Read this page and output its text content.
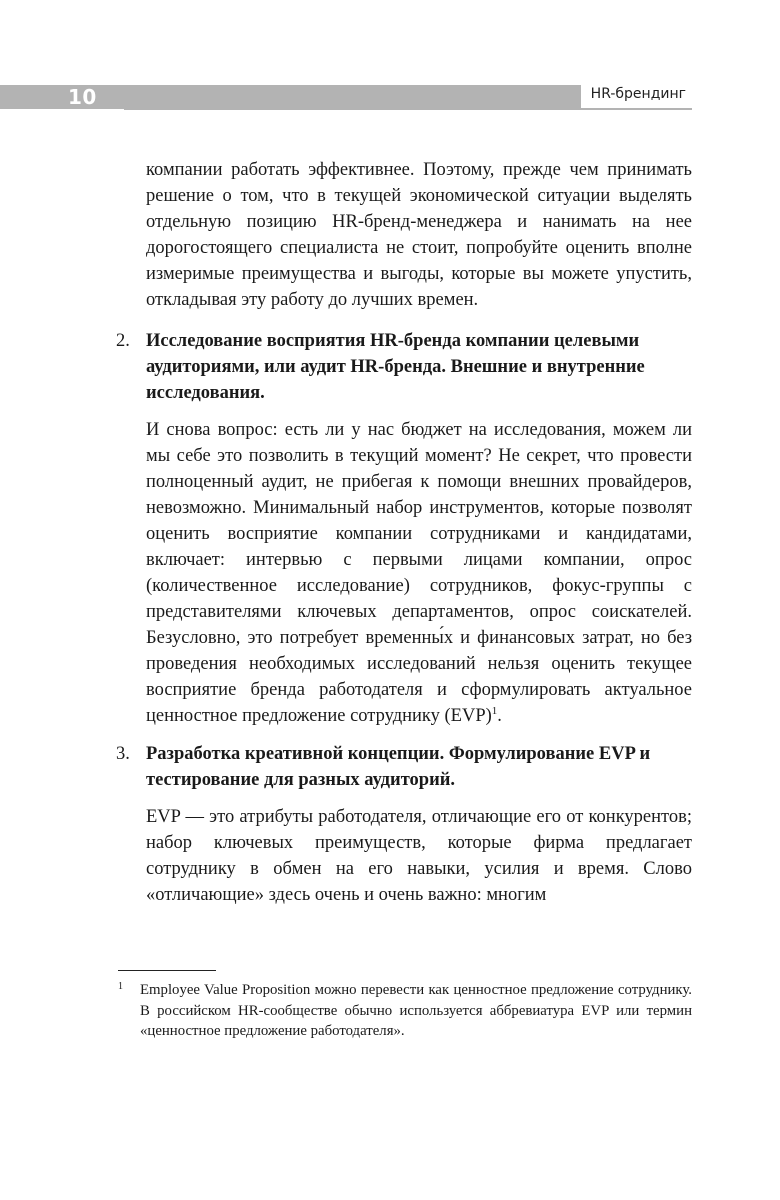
10	HR-брендинг

компании работать эффективнее. Поэтому, прежде чем принимать решение о том, что в текущей экономической ситуации выделять отдельную позицию HR-бренд-менеджера и нанимать на нее дорогостоящего специалиста не стоит, попробуйте оценить вполне измеримые преимущества и выгоды, которые вы можете упустить, откладывая эту работу до лучших времен.

2. Исследование восприятия HR-бренда компании целевыми аудиториями, или аудит HR-бренда. Внешние и внутренние исследования.

И снова вопрос: есть ли у нас бюджет на исследования, можем ли мы себе это позволить в текущий момент? Не секрет, что провести полноценный аудит, не прибегая к помощи внешних провайдеров, невозможно. Минимальный набор инструментов, которые позволят оценить восприятие компании сотрудниками и кандидатами, включает: интервью с первыми лицами компании, опрос (количественное исследование) сотрудников, фокус-группы с представителями ключевых департаментов, опрос соискателей. Безусловно, это потребует временны́х и финансовых затрат, но без проведения необходимых исследований нельзя оценить текущее восприятие бренда работодателя и сформулировать актуальное ценностное предложение сотруднику (EVP)$^1$.

3. Разработка креативной концепции. Формулирование EVP и тестирование для разных аудиторий.

EVP — это атрибуты работодателя, отличающие его от конкурентов; набор ключевых преимуществ, которые фирма предлагает сотруднику в обмен на его навыки, усилия и время. Слово «отличающие» здесь очень и очень важно: многим

1 Employee Value Proposition можно перевести как ценностное предложение сотруднику. В российском HR-сообществе обычно используется аббревиатура EVP или термин «ценностное предложение работодателя».
